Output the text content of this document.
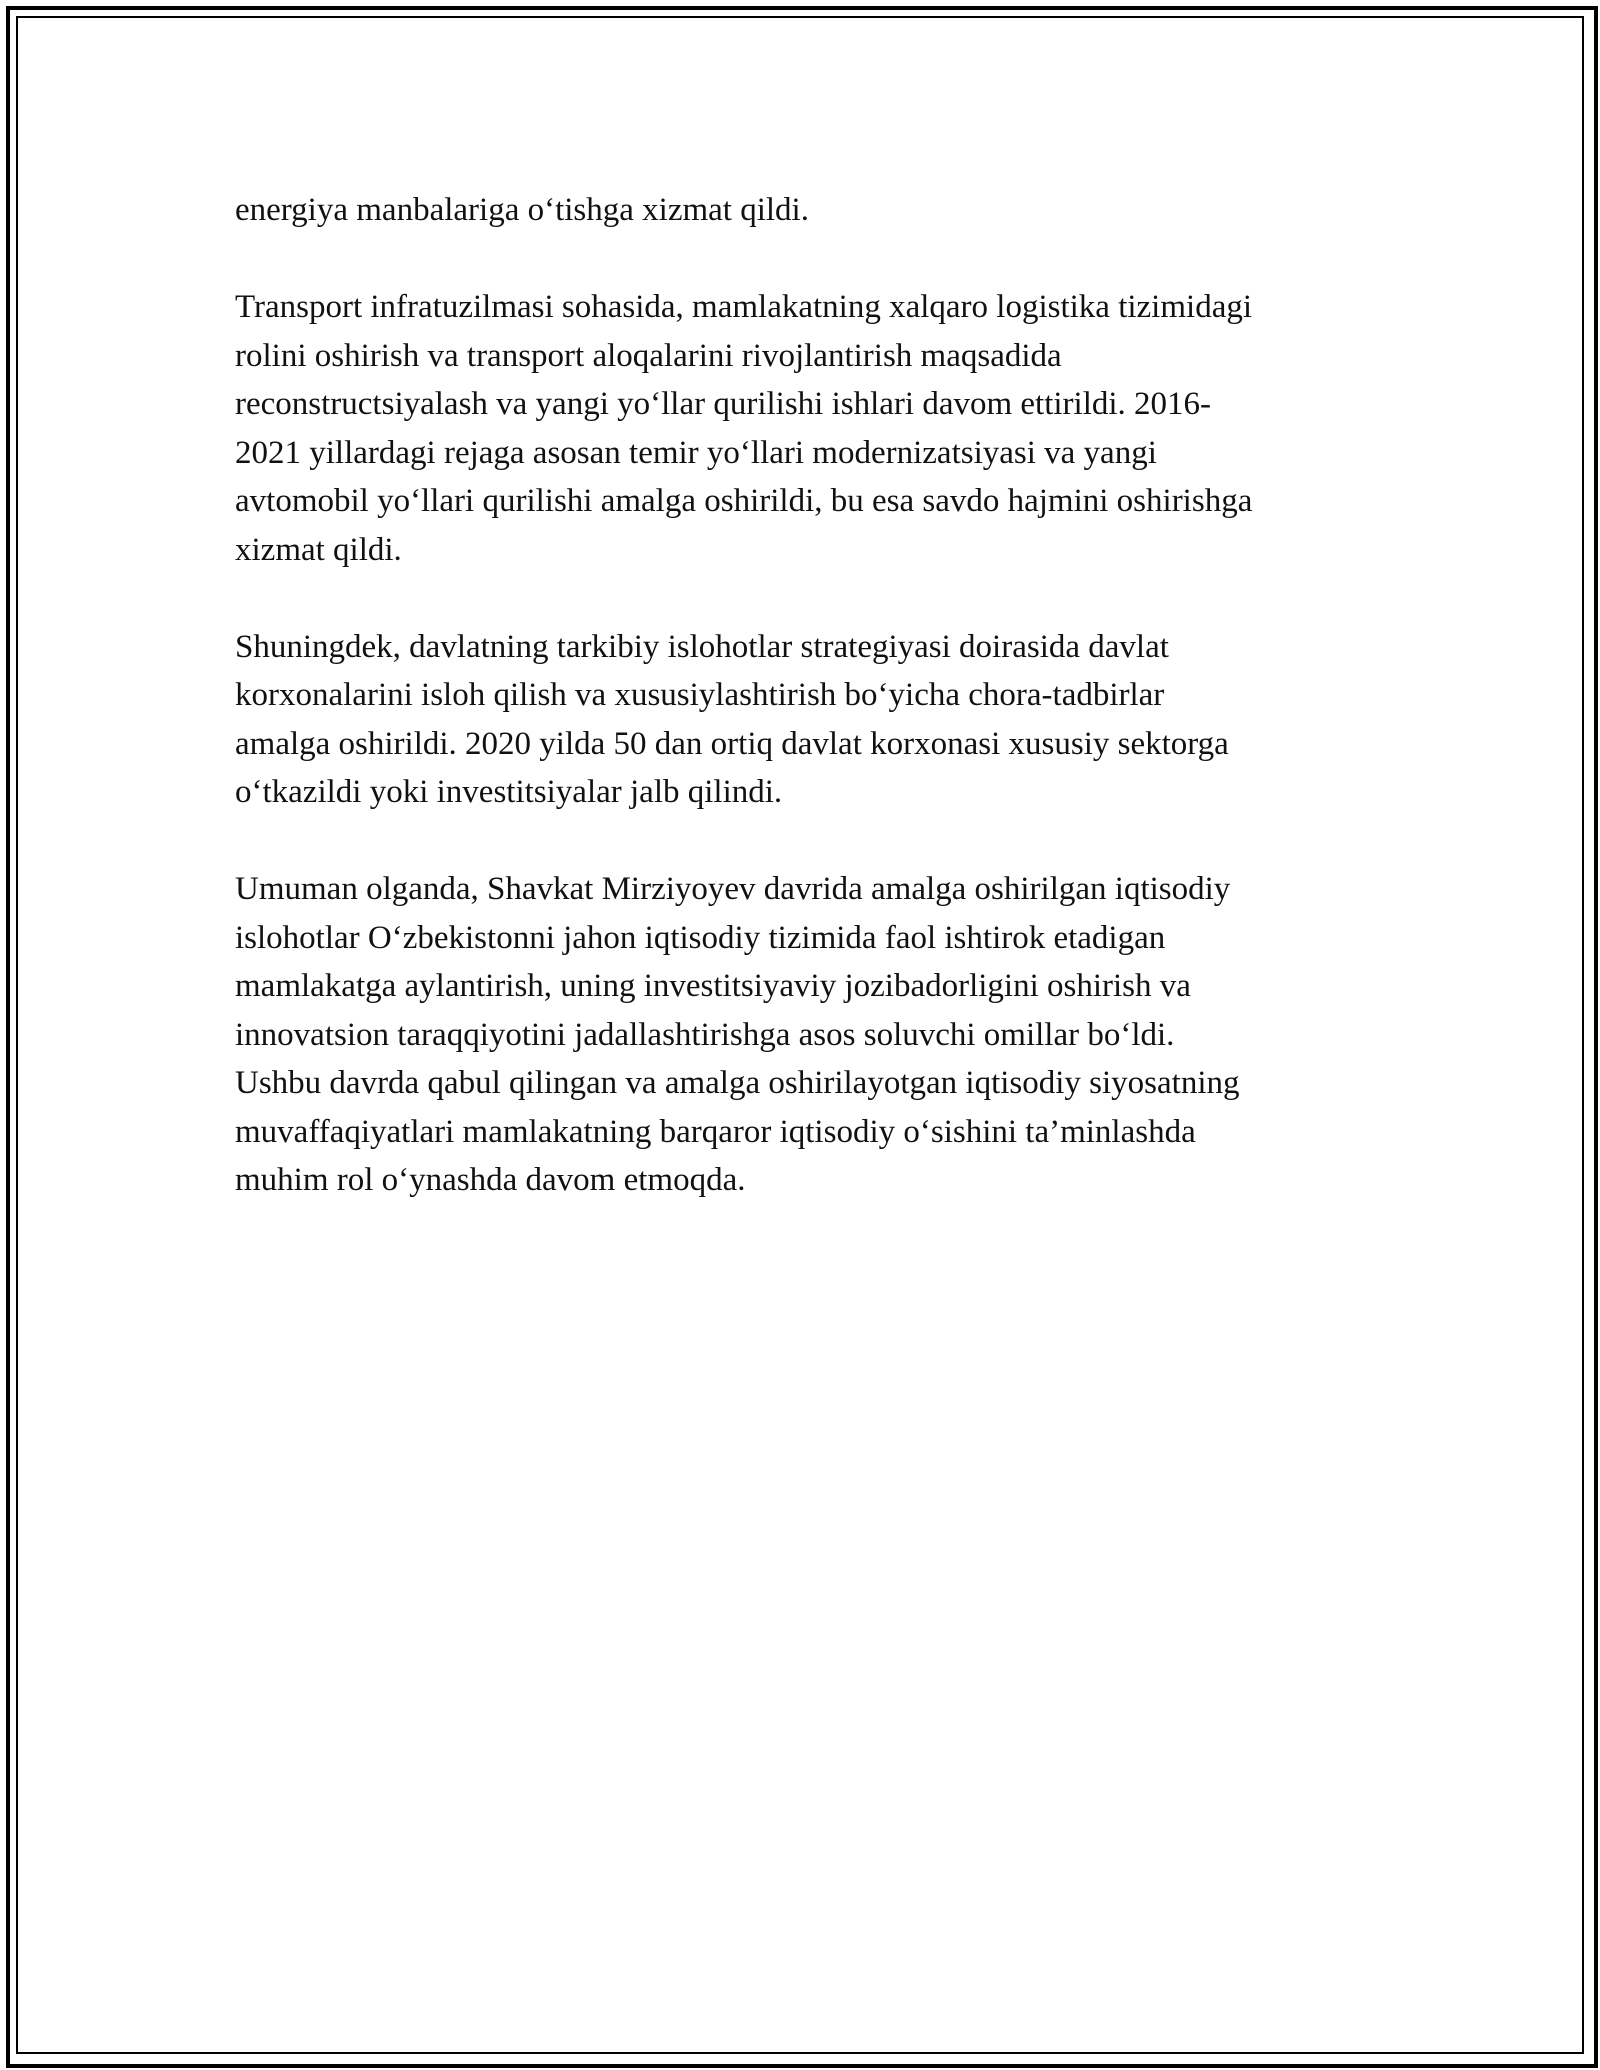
energiya manbalariga o‘tishga xizmat qildi.

Transport infratuzilmasi sohasida, mamlakatning xalqaro logistika tizimidagi
rolini oshirish va transport aloqalarini rivojlantirish maqsadida
reconstructsiyalash va yangi yo‘llar qurilishi ishlari davom ettirildi. 2016-
2021 yillardagi rejaga asosan temir yo‘llari modernizatsiyasi va yangi
avtomobil yo‘llari qurilishi amalga oshirildi, bu esa savdo hajmini oshirishga
xizmat qildi.

Shuningdek, davlatning tarkibiy islohotlar strategiyasi doirasida davlat
korxonalarini isloh qilish va xususiylashtirish bo‘yicha chora-tadbirlar
amalga oshirildi. 2020 yilda 50 dan ortiq davlat korxonasi xususiy sektorga
o‘tkazildi yoki investitsiyalar jalb qilindi.

Umuman olganda, Shavkat Mirziyoyev davrida amalga oshirilgan iqtisodiy
islohotlar O‘zbekistonni jahon iqtisodiy tizimida faol ishtirok etadigan
mamlakatga aylantirish, uning investitsiyaviy jozibadorligini oshirish va
innovatsion taraqqiyotini jadallashtirishga asos soluvchi omillar bo‘ldi.
Ushbu davrda qabul qilingan va amalga oshirilayotgan iqtisodiy siyosatning
muvaffaqiyatlari mamlakatning barqaror iqtisodiy o‘sishini ta’minlashda
muhim rol o‘ynashda davom etmoqda.
